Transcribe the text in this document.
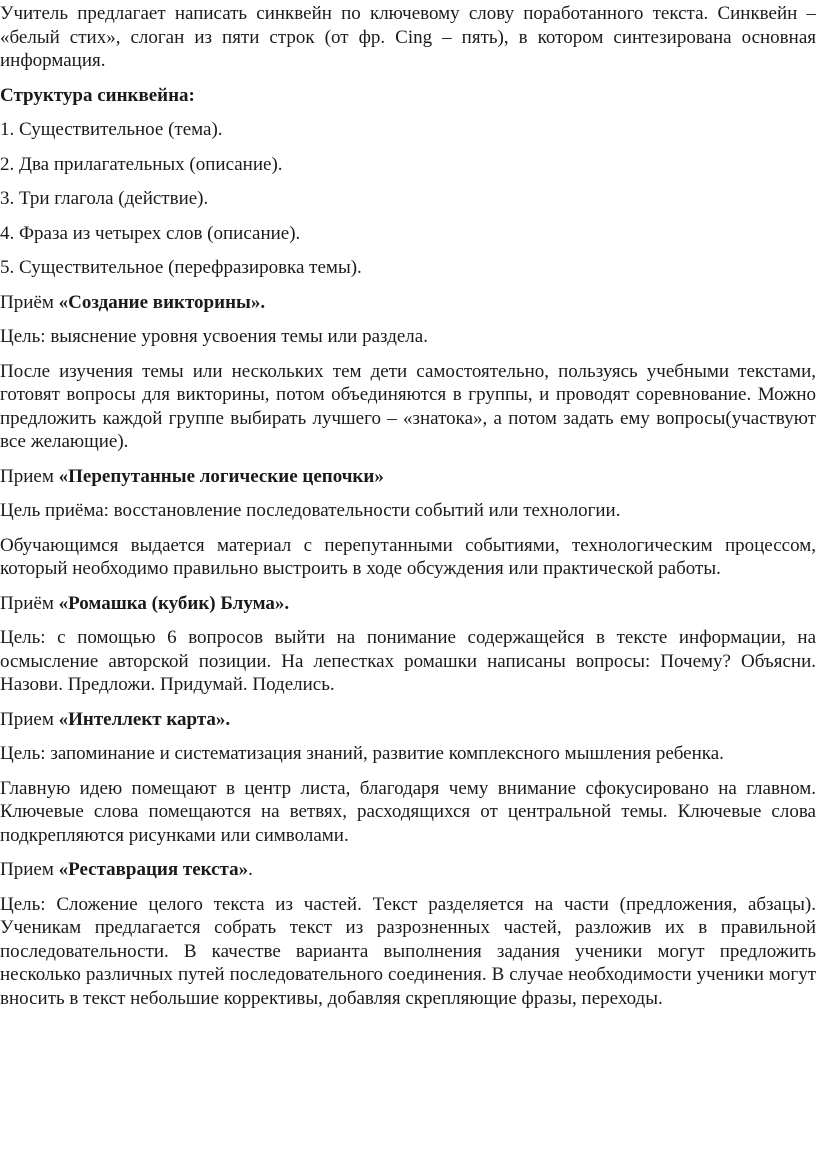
Учитель предлагает написать синквейн по ключевому слову поработанного текста. Синквейн – «белый стих», слоган из пяти строк (от фр. Cing – пять), в котором синтезирована основная информация.

Структура синквейна:

1. Существительное (тема).

2. Два прилагательных (описание).

3. Три глагола (действие).

4. Фраза из четырех слов (описание).

5. Существительное (перефразировка темы).

Приём «Создание викторины».

Цель: выяснение уровня усвоения темы или раздела.

После изучения темы или нескольких тем дети самостоятельно, пользуясь учебными текстами, готовят вопросы для викторины, потом объединяются в группы, и проводят соревнование. Можно предложить каждой группе выбирать лучшего – «знатока», а потом задать ему вопросы(участвуют все желающие).

Прием «Перепутанные логические цепочки»

Цель приёма: восстановление последовательности событий или технологии.

Обучающимся выдается материал с перепутанными событиями, технологическим процессом, который необходимо правильно выстроить в ходе обсуждения или практической работы.

Приём «Ромашка (кубик) Блума».

Цель: с помощью 6 вопросов выйти на понимание содержащейся в тексте информации, на осмысление авторской позиции. На лепестках ромашки написаны вопросы: Почему? Объясни. Назови. Предложи. Придумай. Поделись.

Прием «Интеллект карта».

Цель: запоминание и систематизация знаний, развитие комплексного мышления ребенка.

Главную идею помещают в центр листа, благодаря чему внимание сфокусировано на главном. Ключевые слова помещаются на ветвях, расходящихся от центральной темы. Ключевые слова подкрепляются рисунками или символами.

Прием «Реставрация текста».

Цель: Сложение целого текста из частей. Текст разделяется на части (предложения, абзацы). Ученикам предлагается собрать текст из разрозненных частей, разложив их в правильной последовательности. В качестве варианта выполнения задания ученики могут предложить несколько различных путей последовательного соединения. В случае необходимости ученики могут вносить в текст небольшие коррективы, добавляя скрепляющие фразы, переходы.
